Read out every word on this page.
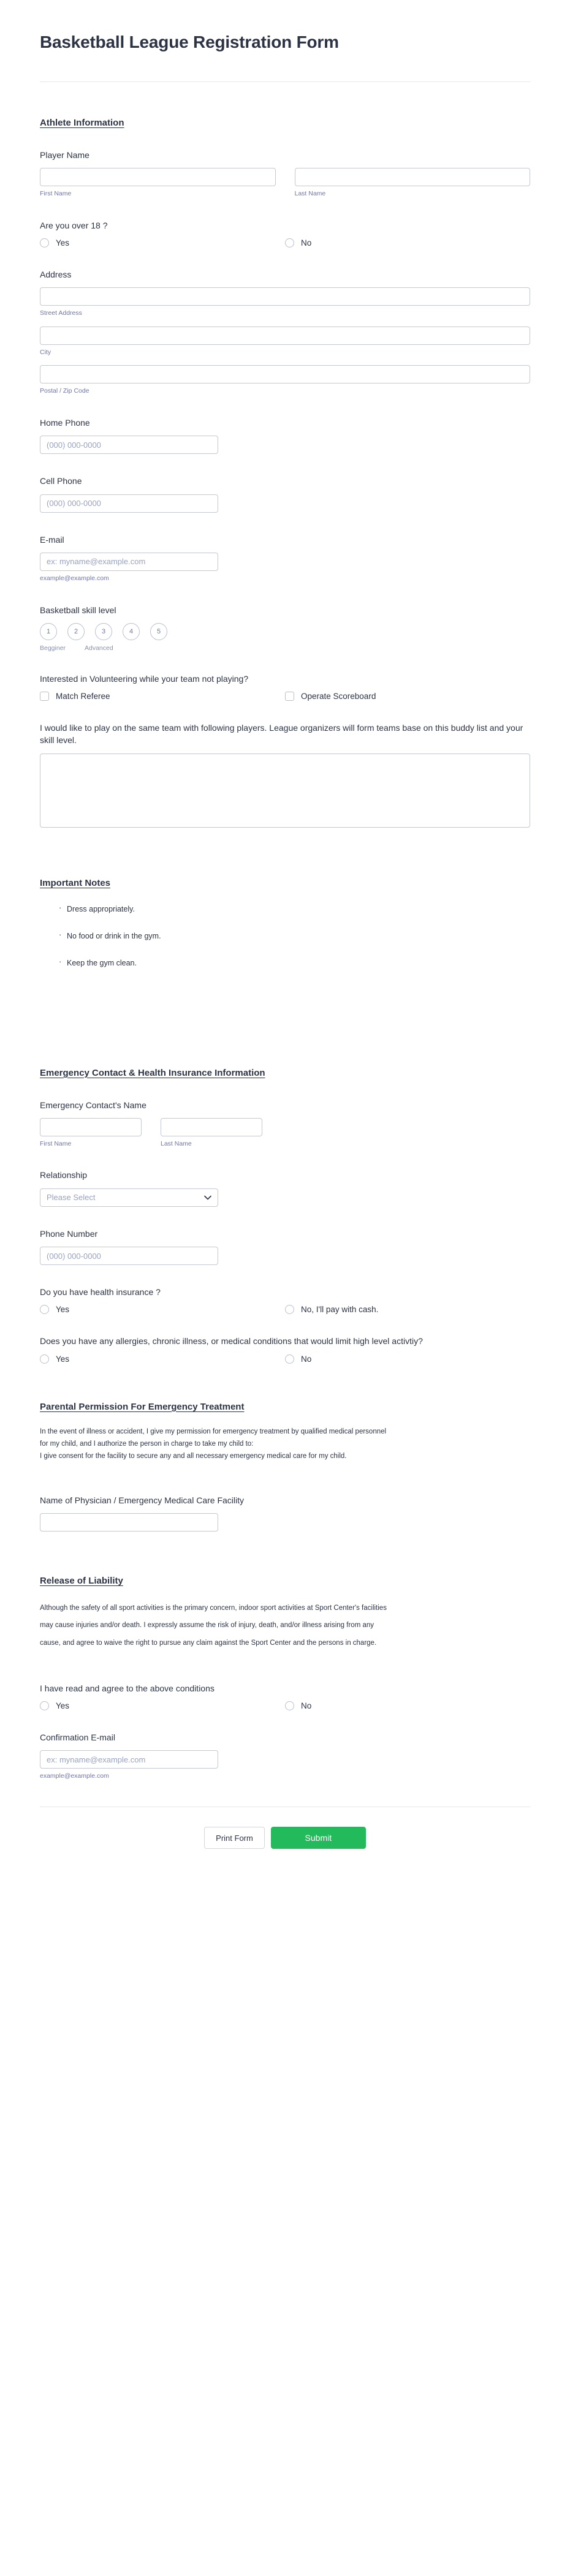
Basketball League Registration Form
Athlete Information
Player Name
First Name	Last Name
Are you over 18 ?
Yes	No
Address
Street Address
City
Postal / Zip Code
Home Phone
(000) 000-0000
Cell Phone
(000) 000-0000
E-mail
ex: myname@example.com
example@example.com
Basketball skill level
1	2	3	4	5
Begginer	Advanced
Interested in Volunteering while your team not playing?
Match Referee	Operate Scoreboard
I would like to play on the same team with following players. League organizers will form teams base on this buddy list and your skill level.
Important Notes
· Dress appropriately.
· No food or drink in the gym.
· Keep the gym clean.
Emergency Contact & Health Insurance Information
Emergency Contact's Name
First Name	Last Name
Relationship
Please Select
Phone Number
(000) 000-0000
Do you have health insurance ?
Yes	No, I'll pay with cash.
Does you have any allergies, chronic illness, or medical conditions that would limit high level activtiy?
Yes	No
Parental Permission For Emergency Treatment

In the event of illness or accident, I give my permission for emergency treatment by qualified medical personnel

for my child, and I authorize the person in charge to take my child to:

I give consent for the facility to secure any and all necessary emergency medical care for my child.

Name of Physician / Emergency Medical Care Facility
Release of Liability

Although the safety of all sport activities is the primary concern, indoor sport activities at Sport Center's facilities

may cause injuries and/or death. I expressly assume the risk of injury, death, and/or illness arising from any

cause, and agree to waive the right to pursue any claim against the Sport Center and the persons in charge.

I have read and agree to the above conditions
Yes	No
Confirmation E-mail
ex: myname@example.com
example@example.com
Print Form	Submit
